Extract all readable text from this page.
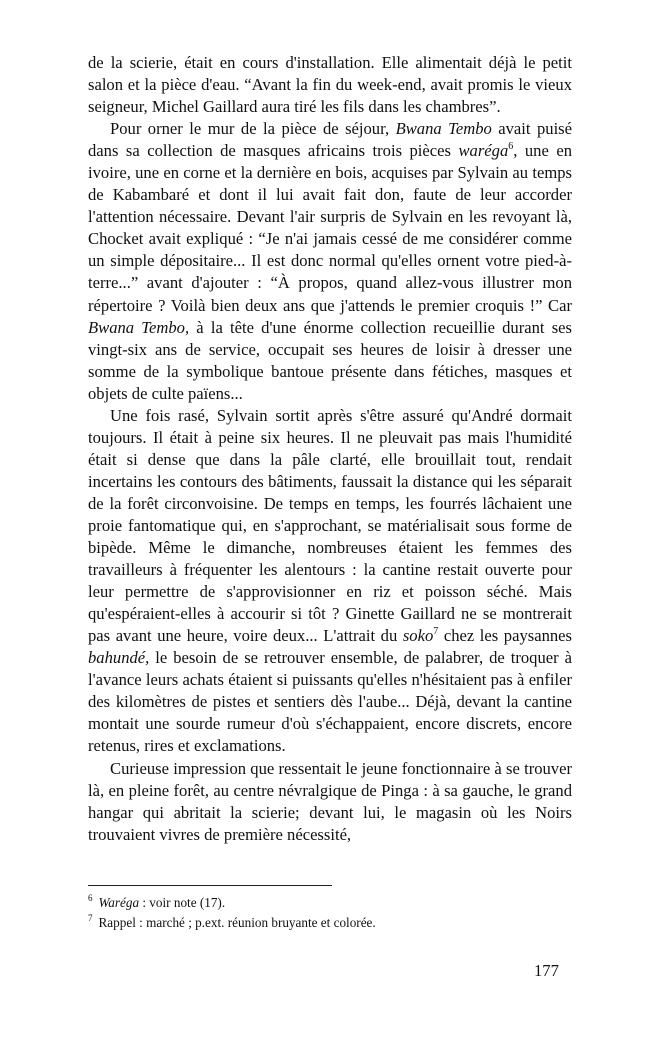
de la scierie, était en cours d'installation. Elle alimentait déjà le petit salon et la pièce d'eau. “Avant la fin du week-end, avait promis le vieux seigneur, Michel Gaillard aura tiré les fils dans les chambres”.

Pour orner le mur de la pièce de séjour, Bwana Tembo avait puisé dans sa collection de masques africains trois pièces waréga$^6$, une en ivoire, une en corne et la dernière en bois, acquises par Sylvain au temps de Kabambaré et dont il lui avait fait don, faute de leur accorder l'attention nécessaire. Devant l'air surpris de Sylvain en les revoyant là, Chocket avait expliqué : “Je n'ai jamais cessé de me considérer comme un simple dépositaire... Il est donc normal qu'elles ornent votre pied-à-terre...” avant d'ajouter : “À propos, quand allez-vous illustrer mon répertoire ? Voilà bien deux ans que j'attends le premier croquis !” Car Bwana Tembo, à la tête d'une énorme collection recueillie durant ses vingt-six ans de service, occupait ses heures de loisir à dresser une somme de la symbolique bantoue présente dans fétiches, masques et objets de culte païens...

Une fois rasé, Sylvain sortit après s'être assuré qu'André dormait toujours. Il était à peine six heures. Il ne pleuvait pas mais l'humidité était si dense que dans la pâle clarté, elle brouillait tout, rendait incertains les contours des bâtiments, faussait la distance qui les séparait de la forêt circonvoisine. De temps en temps, les fourrés lâchaient une proie fantomatique qui, en s'approchant, se matérialisait sous forme de bipède. Même le dimanche, nombreuses étaient les femmes des travailleurs à fréquenter les alentours : la cantine restait ouverte pour leur permettre de s'approvisionner en riz et poisson séché. Mais qu'espéraient-elles à accourir si tôt ? Ginette Gaillard ne se montrerait pas avant une heure, voire deux... L'attrait du soko$^7$ chez les paysannes bahundé, le besoin de se retrouver ensemble, de palabrer, de troquer à l'avance leurs achats étaient si puissants qu'elles n'hésitaient pas à enfiler des kilomètres de pistes et sentiers dès l'aube... Déjà, devant la cantine montait une sourde rumeur d'où s'échappaient, encore discrets, encore retenus, rires et exclamations.

Curieuse impression que ressentait le jeune fonctionnaire à se trouver là, en pleine forêt, au centre névralgique de Pinga : à sa gauche, le grand hangar qui abritait la scierie; devant lui, le magasin où les Noirs trouvaient vivres de première nécessité,

$^6$ Waréga : voir note (17).
$^7$ Rappel : marché ; p.ext. réunion bruyante et colorée.
177
